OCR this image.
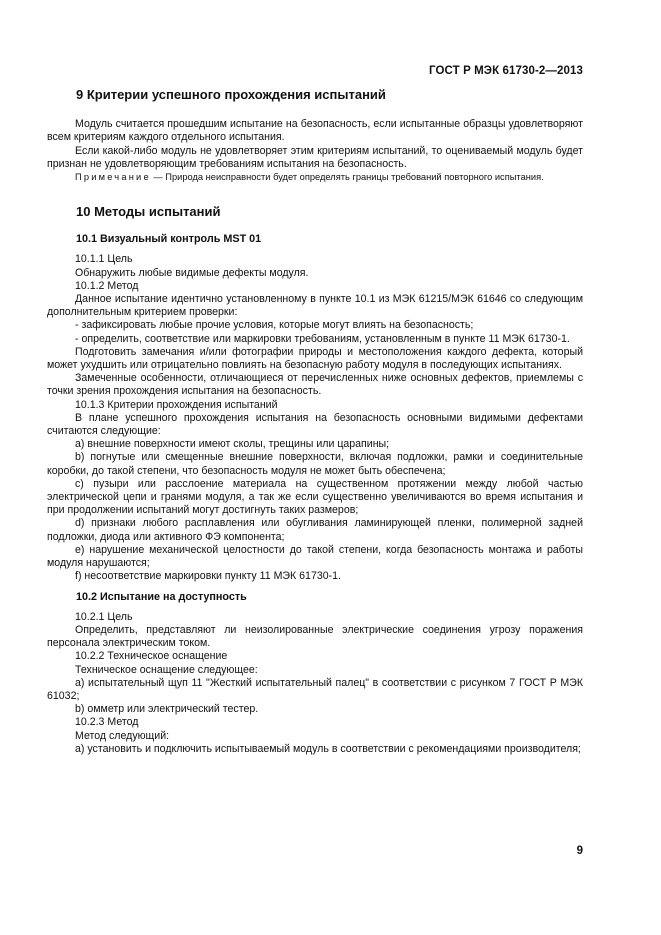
ГОСТ Р МЭК 61730-2—2013
9 Критерии успешного прохождения испытаний

Модуль считается прошедшим испытание на безопасность, если испытанные образцы удовлетворяют всем критериям каждого отдельного испытания.

Если какой-либо модуль не удовлетворяет этим критериям испытаний, то оцениваемый модуль будет признан не удовлетворяющим требованиям испытания на безопасность.

Примечание — Природа неисправности будет определять границы требований повторного испытания.

10 Методы испытаний
10.1 Визуальный контроль MST 01

10.1.1 Цель

Обнаружить любые видимые дефекты модуля.

10.1.2 Метод

Данное испытание идентично установленному в пункте 10.1 из МЭК 61215/МЭК 61646 со следующим дополнительным критерием проверки:

- зафиксировать любые прочие условия, которые могут влиять на безопасность;

- определить, соответствие или маркировки требованиям, установленным в пункте 11 МЭК 61730-1.

Подготовить замечания и/или фотографии природы и местоположения каждого дефекта, который может ухудшить или отрицательно повлиять на безопасную работу модуля в последующих испытаниях.

Замеченные особенности, отличающиеся от перечисленных ниже основных дефектов, приемлемы с точки зрения прохождения испытания на безопасность.

10.1.3 Критерии прохождения испытаний

В плане успешного прохождения испытания на безопасность основными видимыми дефектами считаются следующие:

a) внешние поверхности имеют сколы, трещины или царапины;

b) погнутые или смещенные внешние поверхности, включая подложки, рамки и соединительные коробки, до такой степени, что безопасность модуля не может быть обеспечена;

c) пузыри или расслоение материала на существенном протяжении между любой частью электрической цепи и гранями модуля, а так же если существенно увеличиваются во время испытания и при продолжении испытаний могут достигнуть таких размеров;

d) признаки любого расплавления или обугливания ламинирующей пленки, полимерной задней подложки, диода или активного ФЭ компонента;

e) нарушение механической целостности до такой степени, когда безопасность монтажа и работы модуля нарушаются;

f) несоответствие маркировки пункту 11 МЭК 61730-1.

10.2 Испытание на доступность

10.2.1 Цель

Определить, представляют ли неизолированные электрические соединения угрозу поражения персонала электрическим током.

10.2.2 Техническое оснащение

Техническое оснащение следующее:

a) испытательный щуп 11 "Жесткий испытательный палец" в соответствии с рисунком 7 ГОСТ Р МЭК 61032;

b) омметр или электрический тестер.

10.2.3 Метод

Метод следующий:

a) установить и подключить испытываемый модуль в соответствии с рекомендациями производителя;

9
